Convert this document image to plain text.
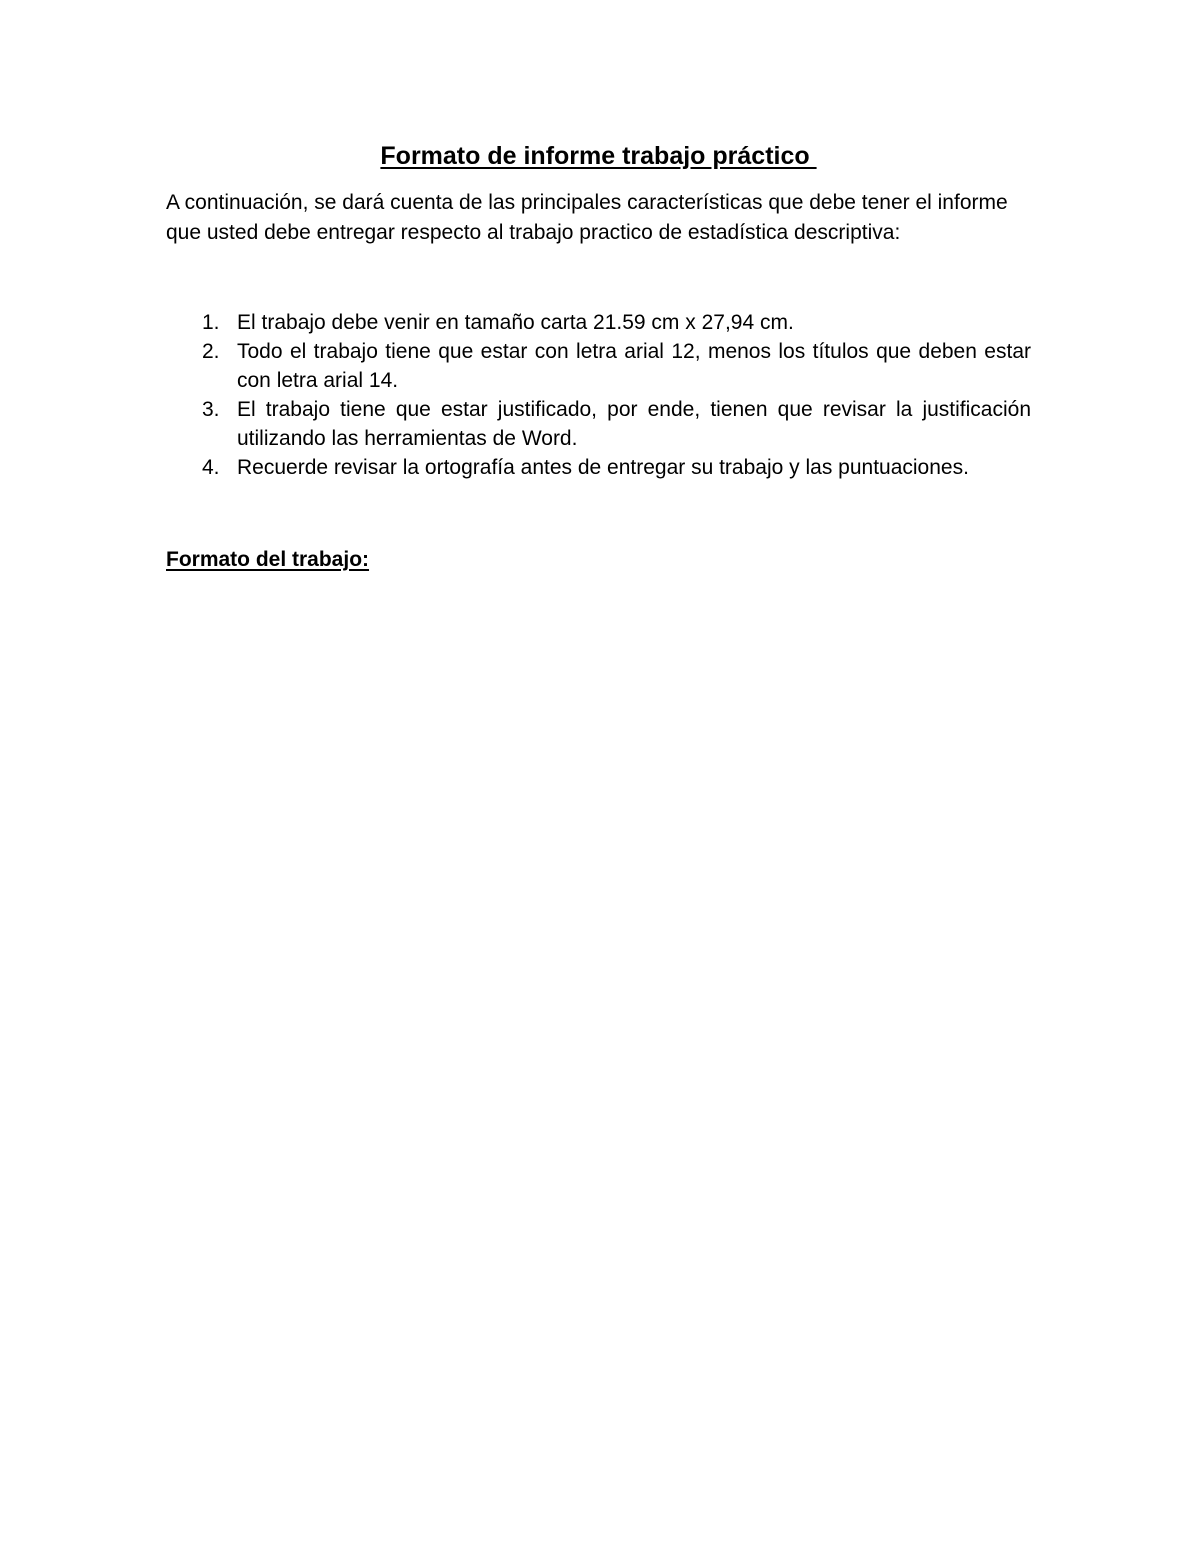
Formato de informe trabajo práctico

A continuación, se dará cuenta de las principales características que debe tener el informe que usted debe entregar respecto al trabajo practico de estadística descriptiva:

1. El trabajo debe venir en tamaño carta 21.59 cm x 27,94 cm.
2. Todo el trabajo tiene que estar con letra arial 12, menos los títulos que deben estar con letra arial 14.
3. El trabajo tiene que estar justificado, por ende, tienen que revisar la justificación utilizando las herramientas de Word.
4. Recuerde revisar la ortografía antes de entregar su trabajo y las puntuaciones.
Formato del trabajo:
